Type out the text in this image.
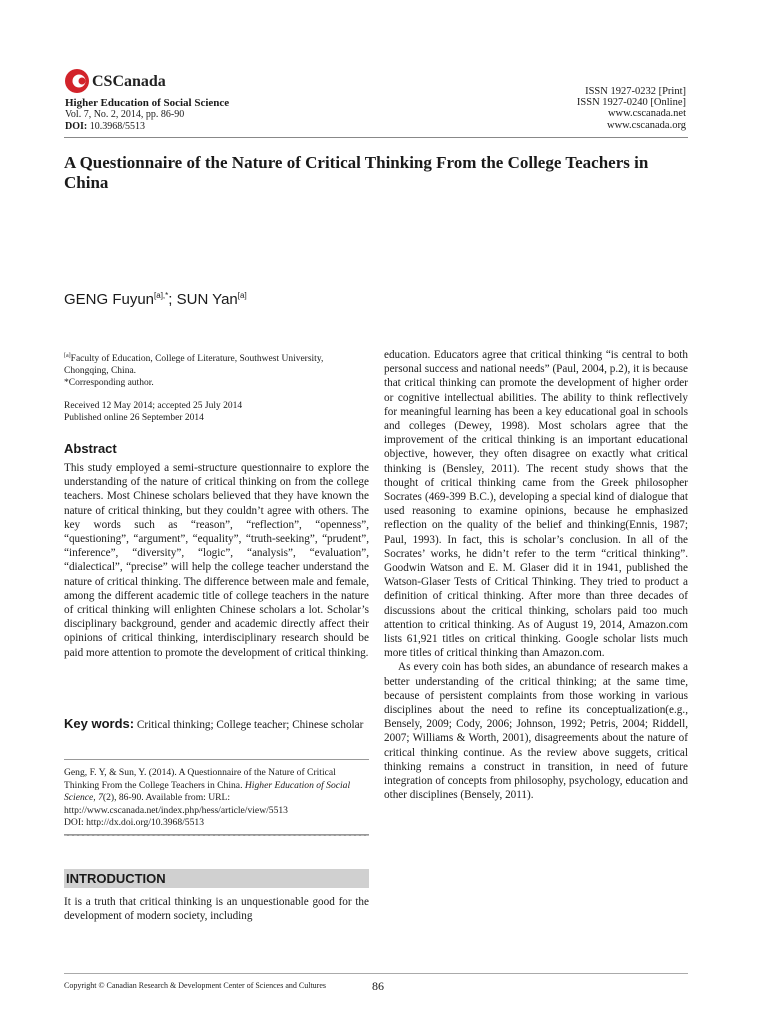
CSCanada
Higher Education of Social Science
Vol. 7, No. 2, 2014, pp. 86-90
DOI: 10.3968/5513
ISSN 1927-0232 [Print]
ISSN 1927-0240 [Online]
www.cscanada.net
www.cscanada.org
A Questionnaire of the Nature of Critical Thinking From the College Teachers in China
GENG Fuyun$^{[a],*}$; SUN Yan[a]
[a]Faculty of Education, College of Literature, Southwest University, Chongqing, China.
*Corresponding author.
Received 12 May 2014; accepted 25 July 2014
Published online 26 September 2014
Abstract
This study employed a semi-structure questionnaire to explore the understanding of the nature of critical thinking on from the college teachers. Most Chinese scholars believed that they have known the nature of critical thinking, but they couldn’t agree with others. The key words such as “reason”, “reflection”, “openness”, “questioning”, “argument”, “equality”, “truth-seeking”, “prudent”, “inference”, “diversity”, “logic”, “analysis”, “evaluation”, “dialectical”, “precise” will help the college teacher understand the nature of critical thinking. The difference between male and female, among the different academic title of college teachers in the nature of critical thinking will enlighten Chinese scholars a lot. Scholar’s disciplinary background, gender and academic directly affect their opinions of critical thinking, interdisciplinary research should be paid more attention to promote the development of critical thinking.
Key words: Critical thinking; College teacher; Chinese scholar
Geng, F. Y, & Sun, Y. (2014). A Questionnaire of the Nature of Critical Thinking From the College Teachers in China. Higher Education of Social Science, 7(2), 86-90. Available from: URL: http://www.cscanada.net/index.php/hess/article/view/5513
DOI: http://dx.doi.org/10.3968/5513
INTRODUCTION
It is a truth that critical thinking is an unquestionable good for the development of modern society, including

education. Educators agree that critical thinking “is central to both personal success and national needs” (Paul, 2004, p.2), it is because that critical thinking can promote the development of higher order or cognitive intellectual abilities. The ability to think reflectively for meaningful learning has been a key educational goal in schools and colleges (Dewey, 1998). Most scholars agree that the improvement of the critical thinking is an important educational objective, however, they often disagree on exactly what critical thinking is (Bensley, 2011). The recent study shows that the thought of critical thinking came from the Greek philosopher Socrates (469-399 B.C.), developing a special kind of dialogue that used reasoning to examine opinions, because he emphasized reflection on the quality of the belief and thinking(Ennis, 1987; Paul, 1993). In fact, this is scholar’s conclusion. In all of the Socrates’ works, he didn’t refer to the term “critical thinking”. Goodwin Watson and E. M. Glaser did it in 1941, published the Watson-Glaser Tests of Critical Thinking. They tried to product a definition of critical thinking. After more than three decades of discussions about the critical thinking, scholars paid too much attention to critical thinking. As of August 19, 2014, Amazon.com lists 61,921 titles on critical thinking. Google scholar lists much more titles of critical thinking than Amazon.com.

As every coin has both sides, an abundance of research makes a better understanding of the critical thinking; at the same time, because of persistent complaints from those working in various disciplines about the need to refine its conceptualization(e.g., Bensely, 2009; Cody, 2006; Johnson, 1992; Petris, 2004; Riddell, 2007; Williams & Worth, 2001), disagreements about the nature of critical thinking continue. As the review above suggets, critical thinking remains a construct in transition, in need of future integration of concepts from philosophy, psychology, education and other disciplines (Bensely, 2011).

Copyright © Canadian Research & Development Center of Sciences and Cultures	86
